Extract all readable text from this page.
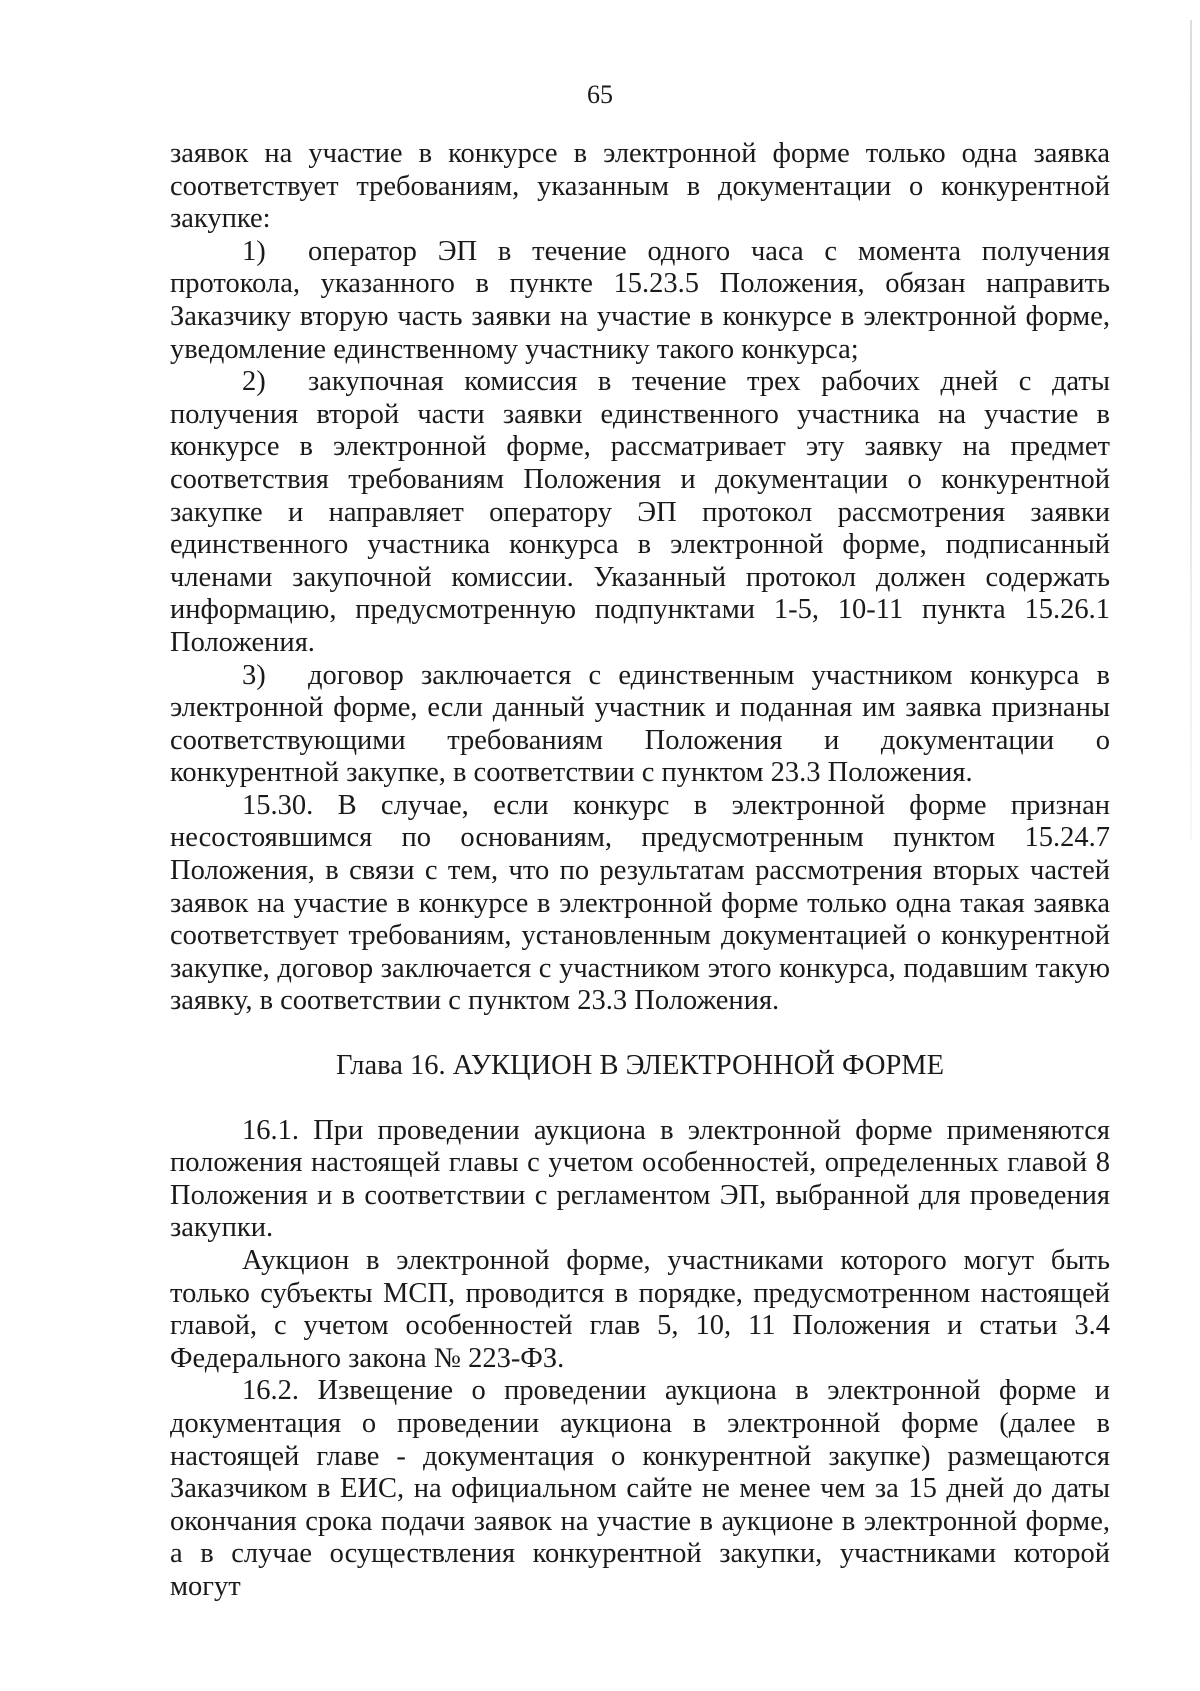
65

заявок на участие в конкурсе в электронной форме только одна заявка соответствует требованиям, указанным в документации о конкурентной закупке:

1) оператор ЭП в течение одного часа с момента получения протокола, указанного в пункте 15.23.5 Положения, обязан направить Заказчику вторую часть заявки на участие в конкурсе в электронной форме, уведомление единственному участнику такого конкурса;

2) закупочная комиссия в течение трех рабочих дней с даты получения второй части заявки единственного участника на участие в конкурсе в электронной форме, рассматривает эту заявку на предмет соответствия требованиям Положения и документации о конкурентной закупке и направляет оператору ЭП протокол рассмотрения заявки единственного участника конкурса в электронной форме, подписанный членами закупочной комиссии. Указанный протокол должен содержать информацию, предусмотренную подпунктами 1-5, 10-11 пункта 15.26.1 Положения.

3) договор заключается с единственным участником конкурса в электронной форме, если данный участник и поданная им заявка признаны соответствующими требованиям Положения и документации о конкурентной закупке, в соответствии с пунктом 23.3 Положения.

15.30. В случае, если конкурс в электронной форме признан несостоявшимся по основаниям, предусмотренным пунктом 15.24.7 Положения, в связи с тем, что по результатам рассмотрения вторых частей заявок на участие в конкурсе в электронной форме только одна такая заявка соответствует требованиям, установленным документацией о конкурентной закупке, договор заключается с участником этого конкурса, подавшим такую заявку, в соответствии с пунктом 23.3 Положения.

Глава 16. АУКЦИОН В ЭЛЕКТРОННОЙ ФОРМЕ

16.1. При проведении аукциона в электронной форме применяются положения настоящей главы с учетом особенностей, определенных главой 8 Положения и в соответствии с регламентом ЭП, выбранной для проведения закупки.

Аукцион в электронной форме, участниками которого могут быть только субъекты МСП, проводится в порядке, предусмотренном настоящей главой, с учетом особенностей глав 5, 10, 11 Положения и статьи 3.4 Федерального закона № 223-ФЗ.

16.2. Извещение о проведении аукциона в электронной форме и документация о проведении аукциона в электронной форме (далее в настоящей главе - документация о конкурентной закупке) размещаются Заказчиком в ЕИС, на официальном сайте не менее чем за 15 дней до даты окончания срока подачи заявок на участие в аукционе в электронной форме, а в случае осуществления конкурентной закупки, участниками которой могут
